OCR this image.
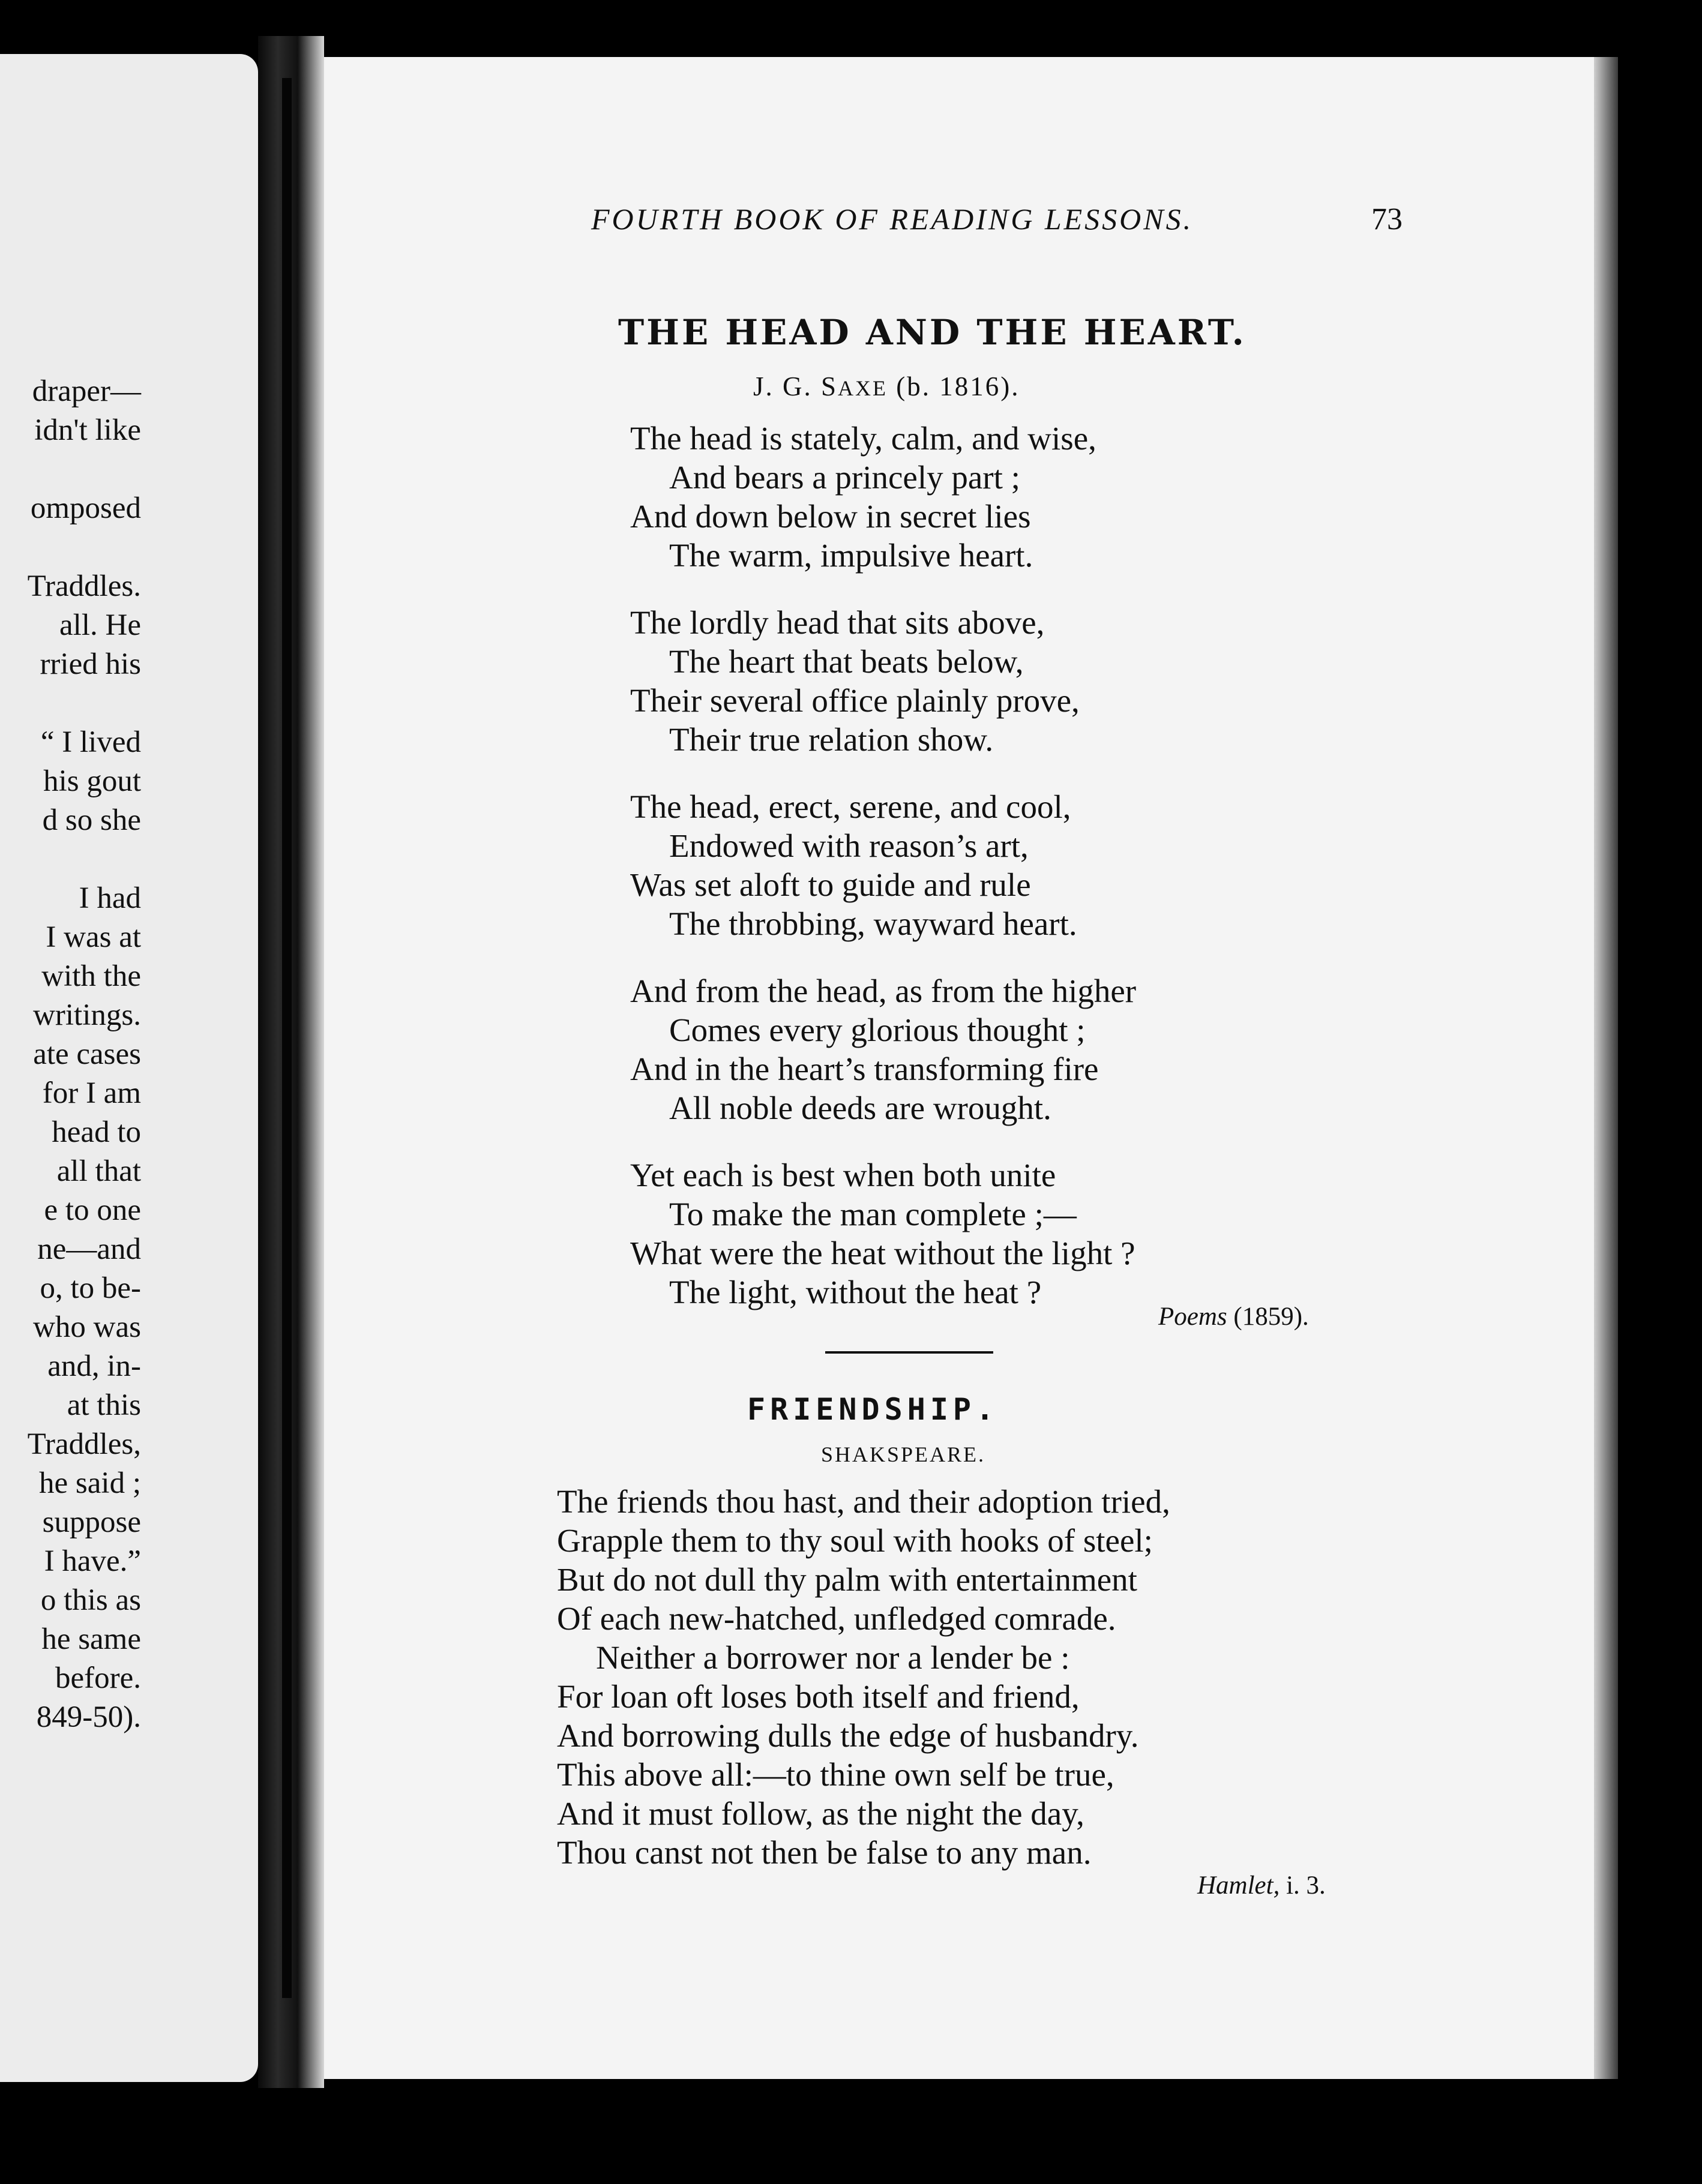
draper—
idn't like

omposed

Traddles.
all. He
rried his

“ I lived
his gout
d so she

I had
I was at
with the
writings.
ate cases
for I am
head to
all that
e to one
ne—and
o, to be-
who was
and, in-
at this
Traddles,
he said ;
suppose
I have.”
o this as
he same
before.
849-50).
FOURTH BOOK OF READING LESSONS.	73
THE HEAD AND THE HEART.
J. G. SAXE (b. 1816).
The head is stately, calm, and wise,
And bears a princely part ;
And down below in secret lies
The warm, impulsive heart.
The lordly head that sits above,
The heart that beats below,
Their several office plainly prove,
Their true relation show.
The head, erect, serene, and cool,
Endowed with reason’s art,
Was set aloft to guide and rule
The throbbing, wayward heart.
And from the head, as from the higher
Comes every glorious thought ;
And in the heart’s transforming fire
All noble deeds are wrought.
Yet each is best when both unite
To make the man complete ;—
What were the heat without the light ?
The light, without the heat ?
Poems (1859).
FRIENDSHIP.
SHAKSPEARE.
The friends thou hast, and their adoption tried,
Grapple them to thy soul with hooks of steel;
But do not dull thy palm with entertainment
Of each new-hatched, unfledged comrade.
Neither a borrower nor a lender be :
For loan oft loses both itself and friend,
And borrowing dulls the edge of husbandry.
This above all:—to thine own self be true,
And it must follow, as the night the day,
Thou canst not then be false to any man.
Hamlet, i. 3.
